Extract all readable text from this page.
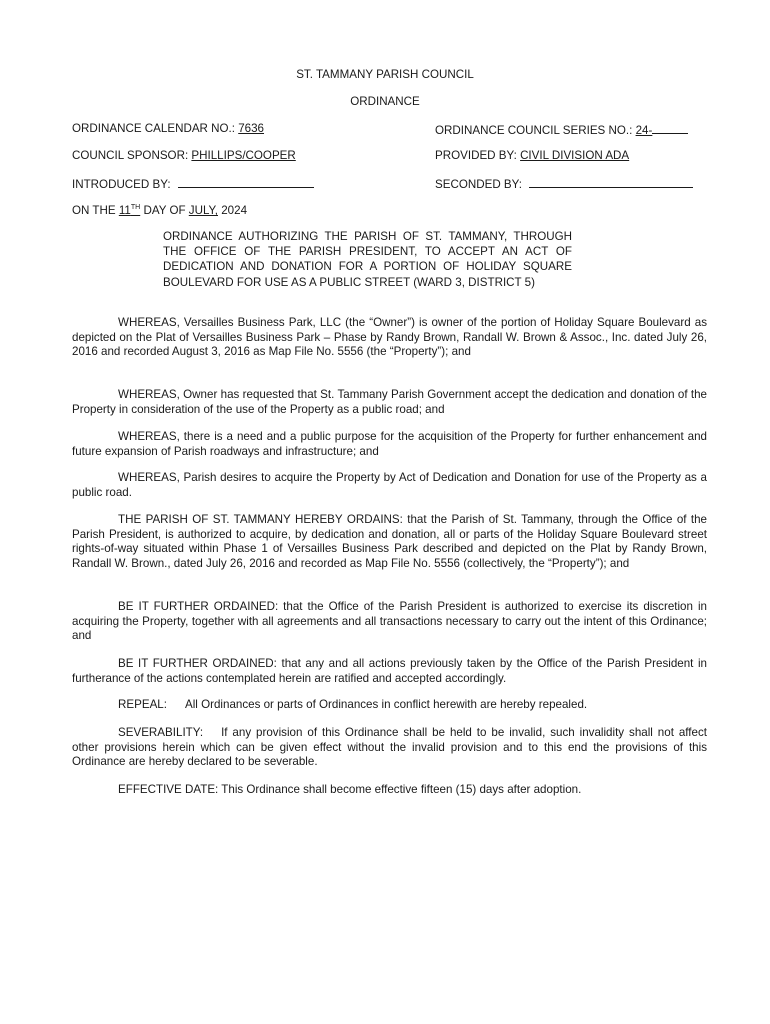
ST. TAMMANY PARISH COUNCIL
ORDINANCE
ORDINANCE CALENDAR NO.: 7636	ORDINANCE COUNCIL SERIES NO.: 24-
COUNCIL SPONSOR: PHILLIPS/COOPER	PROVIDED BY: CIVIL DIVISION ADA
INTRODUCED BY:	SECONDED BY:
ON THE 11TH DAY OF JULY, 2024
ORDINANCE AUTHORIZING THE PARISH OF ST. TAMMANY, THROUGH THE OFFICE OF THE PARISH PRESIDENT, TO ACCEPT AN ACT OF DEDICATION AND DONATION FOR A PORTION OF HOLIDAY SQUARE BOULEVARD FOR USE AS A PUBLIC STREET (WARD 3, DISTRICT 5)
WHEREAS, Versailles Business Park, LLC (the “Owner”) is owner of the portion of Holiday Square Boulevard as depicted on the Plat of Versailles Business Park – Phase by Randy Brown, Randall W. Brown & Assoc., Inc. dated July 26, 2016 and recorded August 3, 2016 as Map File No. 5556 (the “Property”); and
WHEREAS, Owner has requested that St. Tammany Parish Government accept the dedication and donation of the Property in consideration of the use of the Property as a public road; and
WHEREAS, there is a need and a public purpose for the acquisition of the Property for further enhancement and future expansion of Parish roadways and infrastructure; and
WHEREAS, Parish desires to acquire the Property by Act of Dedication and Donation for use of the Property as a public road.
THE PARISH OF ST. TAMMANY HEREBY ORDAINS: that the Parish of St. Tammany, through the Office of the Parish President, is authorized to acquire, by dedication and donation, all or parts of the Holiday Square Boulevard street rights-of-way situated within Phase 1 of Versailles Business Park described and depicted on the Plat by Randy Brown, Randall W. Brown., dated July 26, 2016 and recorded as Map File No. 5556 (collectively, the “Property”); and
BE IT FURTHER ORDAINED: that the Office of the Parish President is authorized to exercise its discretion in acquiring the Property, together with all agreements and all transactions necessary to carry out the intent of this Ordinance; and
BE IT FURTHER ORDAINED: that any and all actions previously taken by the Office of the Parish President in furtherance of the actions contemplated herein are ratified and accepted accordingly.
REPEAL: All Ordinances or parts of Ordinances in conflict herewith are hereby repealed.
SEVERABILITY: If any provision of this Ordinance shall be held to be invalid, such invalidity shall not affect other provisions herein which can be given effect without the invalid provision and to this end the provisions of this Ordinance are hereby declared to be severable.
EFFECTIVE DATE: This Ordinance shall become effective fifteen (15) days after adoption.
